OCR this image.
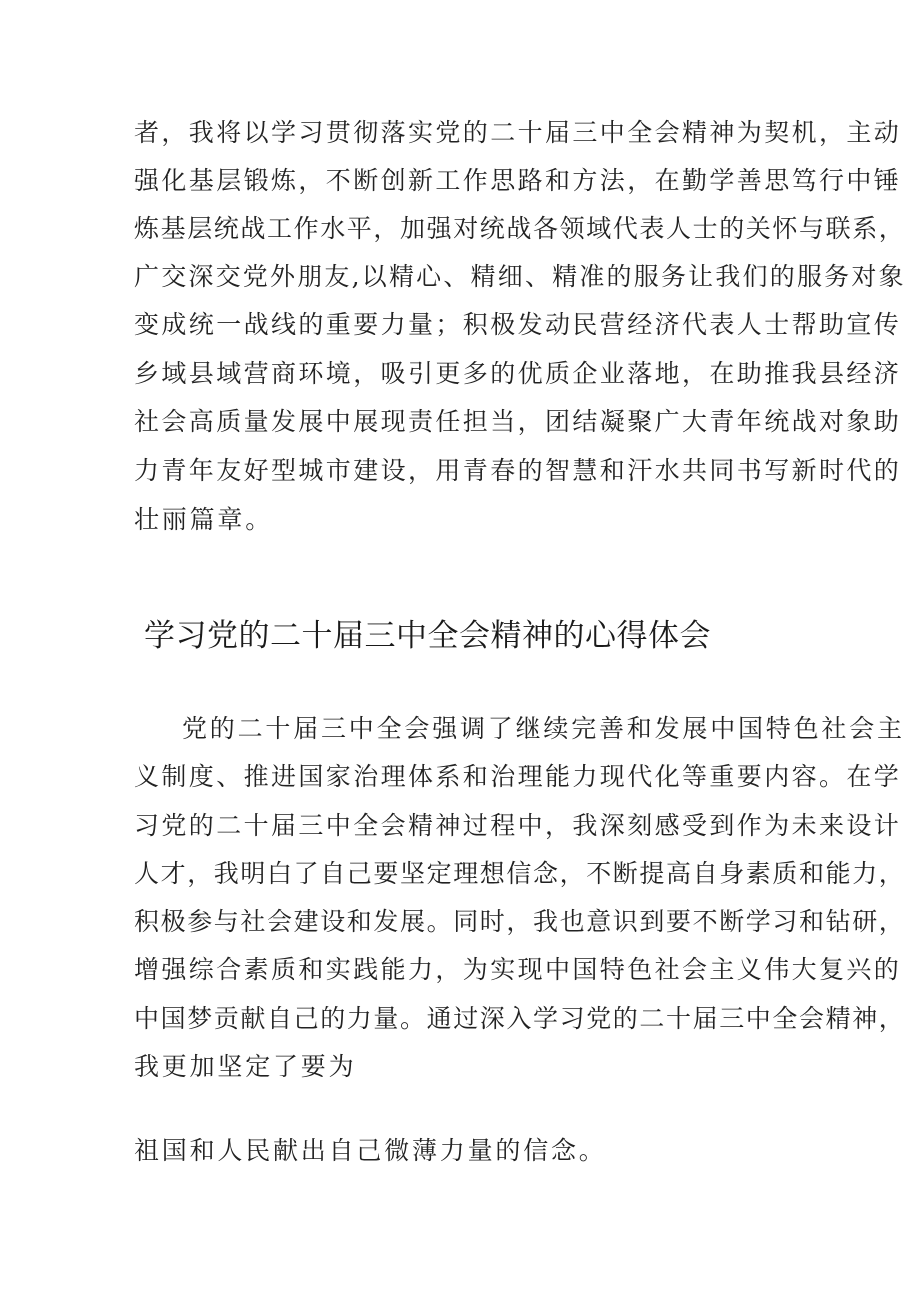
者，我将以学习贯彻落实党的二十届三中全会精神为契机，主动
强化基层锻炼，不断创新工作思路和方法，在勤学善思笃行中锤
炼基层统战工作水平，加强对统战各领域代表人士的关怀与联系，
广交深交党外朋友,以精心、精细、精准的服务让我们的服务对象
变成统一战线的重要力量；积极发动民营经济代表人士帮助宣传
乡域县域营商环境，吸引更多的优质企业落地，在助推我县经济
社会高质量发展中展现责任担当，团结凝聚广大青年统战对象助
力青年友好型城市建设，用青春的智慧和汗水共同书写新时代的
壮丽篇章。
学习党的二十届三中全会精神的心得体会
党的二十届三中全会强调了继续完善和发展中国特色社会主
义制度、推进国家治理体系和治理能力现代化等重要内容。在学
习党的二十届三中全会精神过程中，我深刻感受到作为未来设计
人才，我明白了自己要坚定理想信念，不断提高自身素质和能力，
积极参与社会建设和发展。同时，我也意识到要不断学习和钻研，
增强综合素质和实践能力，为实现中国特色社会主义伟大复兴的
中国梦贡献自己的力量。通过深入学习党的二十届三中全会精神，
我更加坚定了要为
祖国和人民献出自己微薄力量的信念。
